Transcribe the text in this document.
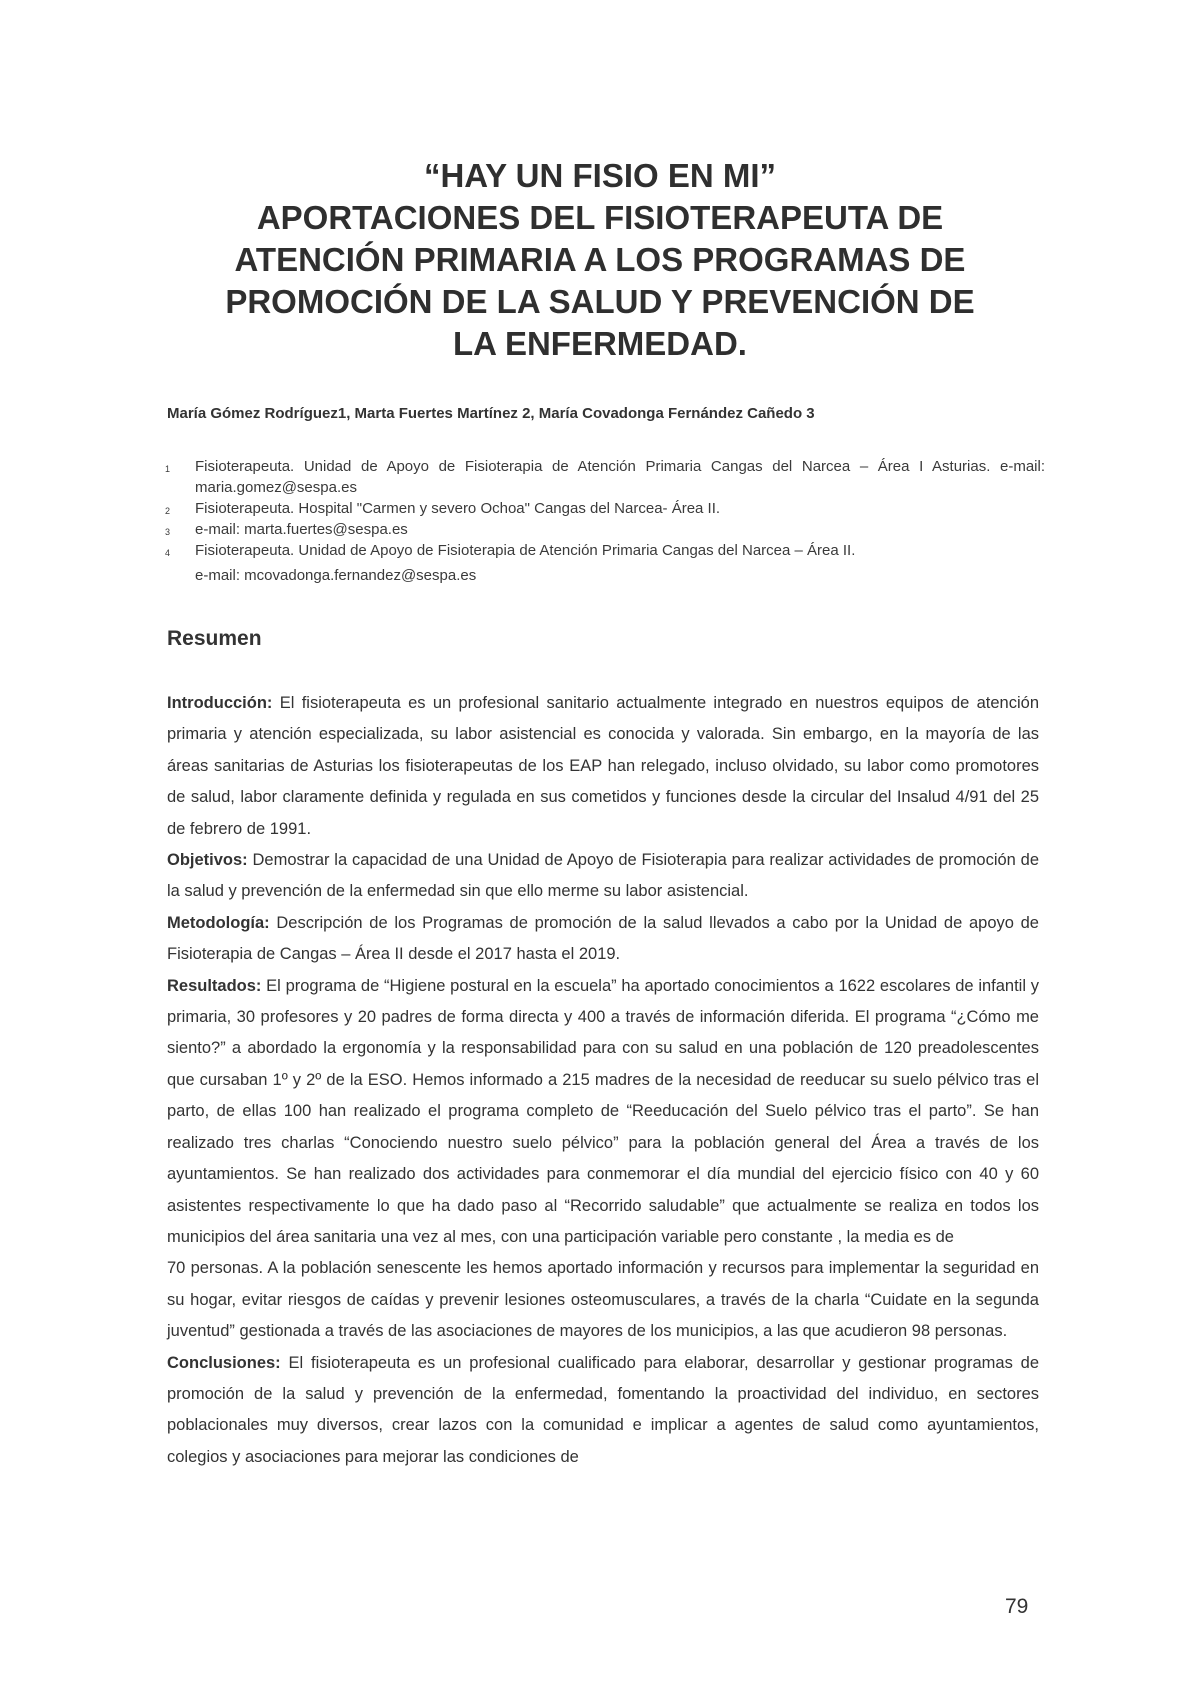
“HAY UN FISIO EN MI”
APORTACIONES DEL FISIOTERAPEUTA DE
ATENCIÓN PRIMARIA A LOS PROGRAMAS DE
PROMOCIÓN DE LA SALUD Y PREVENCIÓN DE
LA ENFERMEDAD.
María Gómez Rodríguez1, Marta Fuertes Martínez 2, María Covadonga Fernández Cañedo 3
1 Fisioterapeuta. Unidad de Apoyo de Fisioterapia de Atención Primaria Cangas del Narcea – Área I Asturias. e-mail: maria.gomez@sespa.es
2 Fisioterapeuta. Hospital "Carmen y severo Ochoa" Cangas del Narcea- Área II.
3 e-mail: marta.fuertes@sespa.es
4 Fisioterapeuta. Unidad de Apoyo de Fisioterapia de Atención Primaria Cangas del Narcea – Área II.
e-mail: mcovadonga.fernandez@sespa.es
Resumen

Introducción: El fisioterapeuta es un profesional sanitario actualmente integrado en nuestros equipos de atención primaria y atención especializada, su labor asistencial es conocida y valorada. Sin embargo, en la mayoría de las áreas sanitarias de Asturias los fisioterapeutas de los EAP han relegado, incluso olvidado, su labor como promotores de salud, labor claramente definida y regulada en sus cometidos y funciones desde la circular del Insalud 4/91 del 25 de febrero de 1991.

Objetivos: Demostrar la capacidad de una Unidad de Apoyo de Fisioterapia para realizar actividades de promoción de la salud y prevención de la enfermedad sin que ello merme su labor asistencial.

Metodología: Descripción de los Programas de promoción de la salud llevados a cabo por la Unidad de apoyo de Fisioterapia de Cangas – Área II desde el 2017 hasta el 2019.

Resultados: El programa de “Higiene postural en la escuela” ha aportado conocimientos a 1622 escolares de infantil y primaria, 30 profesores y 20 padres de forma directa y 400 a través de información diferida. El programa “¿Cómo me siento?” a abordado la ergonomía y la responsabilidad para con su salud en una población de 120 preadolescentes que cursaban 1º y 2º de la ESO. Hemos informado a 215 madres de la necesidad de reeducar su suelo pélvico tras el parto, de ellas 100 han realizado el programa completo de “Reeducación del Suelo pélvico tras el parto”. Se han realizado tres charlas “Conociendo nuestro suelo pélvico” para la población general del Área a través de los ayuntamientos. Se han realizado dos actividades para conmemorar el día mundial del ejercicio físico con 40 y 60 asistentes respectivamente lo que ha dado paso al “Recorrido saludable” que actualmente se realiza en todos los municipios del área sanitaria una vez al mes, con una participación variable pero constante , la media es de

70 personas. A la población senescente les hemos aportado información y recursos para implementar la seguridad en su hogar, evitar riesgos de caídas y prevenir lesiones osteomusculares, a través de la charla “Cuidate en la segunda juventud” gestionada a través de las asociaciones de mayores de los municipios, a las que acudieron 98 personas.

Conclusiones: El fisioterapeuta es un profesional cualificado para elaborar, desarrollar y gestionar programas de promoción de la salud y prevención de la enfermedad, fomentando la proactividad del individuo, en sectores poblacionales muy diversos, crear lazos con la comunidad e implicar a agentes de salud como ayuntamientos, colegios y asociaciones para mejorar las condiciones de

79
